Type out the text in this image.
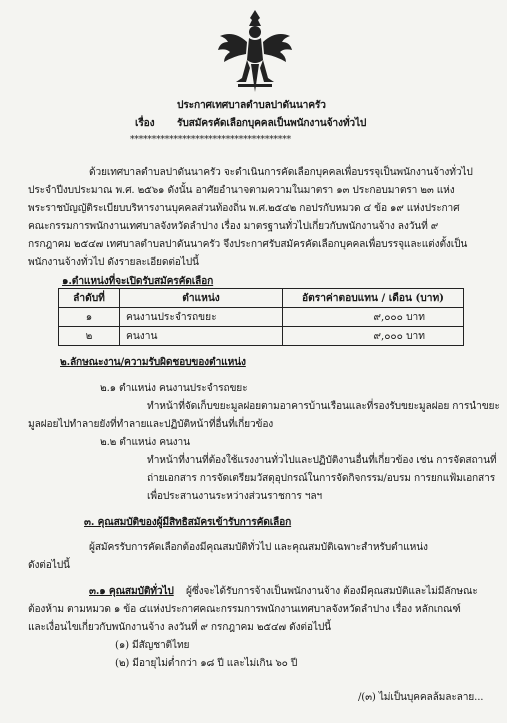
ประกาศเทศบาลตำบลปาดันนาครัว
เรื่อง รับสมัครคัดเลือกบุคคลเป็นพนักงานจ้างทั่วไป
*************************************
ด้วยเทศบาลตำบลปาดันนาครัว จะดำเนินการคัดเลือกบุคคลเพื่อบรรจุเป็นพนักงานจ้างทั่วไป
ประจำปีงบประมาณ พ.ศ. ๒๕๖๑ ดังนั้น อาศัยอำนาจตามความในมาตรา ๑๓ ประกอบมาตรา ๒๓ แห่ง
พระราชบัญญัติระเบียบบริหารงานบุคคลส่วนท้องถิ่น พ.ศ.๒๕๔๒ กอปรกับหมวด ๔ ข้อ ๑๙ แห่งประกาศ
คณะกรรมการพนักงานเทศบาลจังหวัดลำปาง เรื่อง มาตรฐานทั่วไปเกี่ยวกับพนักงานจ้าง ลงวันที่ ๙
กรกฎาคม ๒๕๔๗ เทศบาลตำบลปาดันนาครัว จึงประกาศรับสมัครคัดเลือกบุคคลเพื่อบรรจุและแต่งตั้งเป็น
พนักงานจ้างทั่วไป ดังรายละเอียดต่อไปนี้
๑.ตำแหน่งที่จะเปิดรับสมัครคัดเลือก
ลำดับที่	ตำแหน่ง	อัตราค่าตอบแทน / เดือน (บาท)
๑	คนงานประจำรถขยะ	๙,๐๐๐ บาท
๒	คนงาน	๙,๐๐๐ บาท
๒.ลักษณะงาน/ความรับผิดชอบของตำแหน่ง
๒.๑ ตำแหน่ง คนงานประจำรถขยะ
ทำหน้าที่จัดเก็บขยะมูลฝอยตามอาคารบ้านเรือนและที่รองรับขยะมูลฝอย การนำขยะ
มูลฝอยไปทำลายยังที่ทำลายและปฏิบัติหน้าที่อื่นที่เกี่ยวข้อง
๒.๒ ตำแหน่ง คนงาน
ทำหน้าที่งานที่ต้องใช้แรงงานทั่วไปและปฏิบัติงานอื่นที่เกี่ยวข้อง เช่น การจัดสถานที่
ถ่ายเอกสาร การจัดเตรียมวัสดุอุปกรณ์ในการจัดกิจกรรม/อบรม การยกแฟ้มเอกสาร
เพื่อประสานงานระหว่างส่วนราชการ ฯลฯ
๓. คุณสมบัติของผู้มีสิทธิสมัครเข้ารับการคัดเลือก
ผู้สมัครรับการคัดเลือกต้องมีคุณสมบัติทั่วไป และคุณสมบัติเฉพาะสำหรับตำแหน่ง
ดังต่อไปนี้
๓.๑ คุณสมบัติทั่วไป ผู้ซึ่งจะได้รับการจ้างเป็นพนักงานจ้าง ต้องมีคุณสมบัติและไม่มีลักษณะ
ต้องห้าม ตามหมวด ๑ ข้อ ๔แห่งประกาศคณะกรรมการพนักงานเทศบาลจังหวัดลำปาง เรื่อง หลักเกณฑ์
และเงื่อนไขเกี่ยวกับพนักงานจ้าง ลงวันที่ ๙ กรกฎาคม ๒๕๔๗ ดังต่อไปนี้
(๑) มีสัญชาติไทย
(๒) มีอายุไม่ต่ำกว่า ๑๘ ปี และไม่เกิน ๖๐ ปี
/(๓) ไม่เป็นบุคคลล้มละลาย...
